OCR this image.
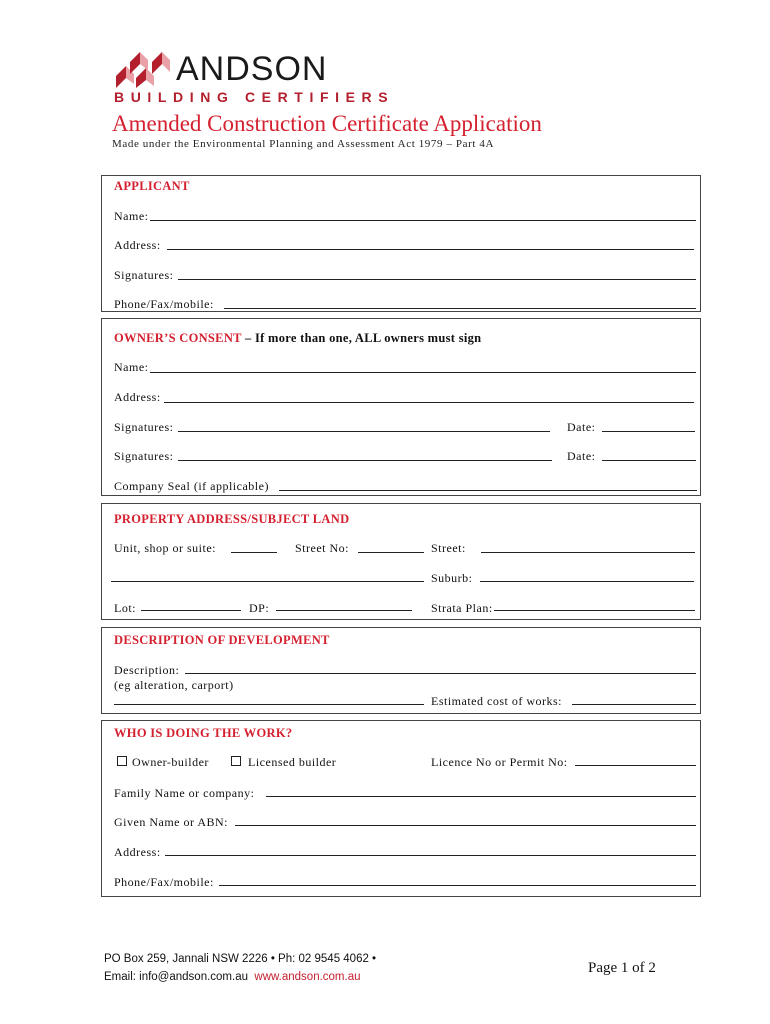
ANDSON
BUILDING CERTIFIERS
Amended Construction Certificate Application
Made under the Environmental Planning and Assessment Act 1979 – Part 4A
APPLICANT
Name:
Address:
Signatures:
Phone/Fax/mobile:
OWNER’S CONSENT – If more than one, ALL owners must sign
Name:
Address:
Signatures:	Date:
Signatures:	Date:
Company Seal (if applicable)
PROPERTY ADDRESS/SUBJECT LAND
Unit, shop or suite:	Street No:	Street:
Suburb:
Lot:	DP:	Strata Plan:
DESCRIPTION OF DEVELOPMENT
Description:
(eg alteration, carport)
Estimated cost of works:
WHO IS DOING THE WORK?
Owner-builder	Licensed builder	Licence No or Permit No:
Family Name or company:
Given Name or ABN:
Address:
Phone/Fax/mobile:
PO Box 259, Jannali NSW 2226 • Ph: 02 9545 4062 •
Email: info@andson.com.au www.andson.com.au
Page 1 of 2
